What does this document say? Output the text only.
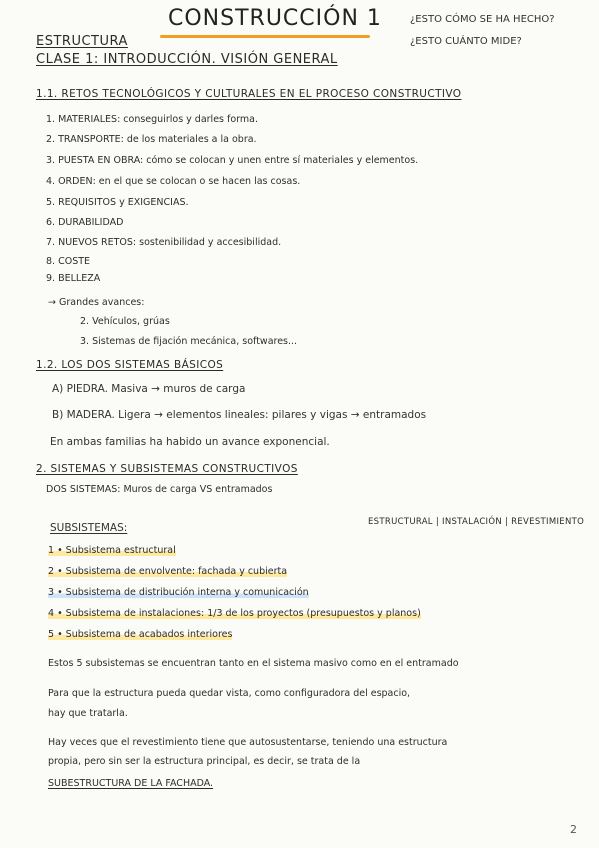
CONSTRUCCIÓN 1	¿ESTO CÓMO SE HA HECHO?
¿ESTO CUÁNTO MIDE?
ESTRUCTURA
CLASE 1: INTRODUCCIÓN. VISIÓN GENERAL
1.1. RETOS TECNOLÓGICOS Y CULTURALES EN EL PROCESO CONSTRUCTIVO
1. MATERIALES: conseguirlos y darles forma.
2. TRANSPORTE: de los materiales a la obra.
3. PUESTA EN OBRA: cómo se colocan y unen entre sí materiales y elementos.
4. ORDEN: en el que se colocan o se hacen las cosas.
5. REQUISITOS y EXIGENCIAS.
6. DURABILIDAD
7. NUEVOS RETOS: sostenibilidad y accesibilidad.
8. COSTE
9. BELLEZA
→ Grandes avances:
2. Vehículos, grúas
3. Sistemas de fijación mecánica, softwares...
1.2. LOS DOS SISTEMAS BÁSICOS
A) PIEDRA. Masiva → muros de carga
B) MADERA. Ligera → elementos lineales: pilares y vigas → entramados
En ambas familias ha habido un avance exponencial.
2. SISTEMAS Y SUBSISTEMAS CONSTRUCTIVOS
DOS SISTEMAS: Muros de carga VS entramados
SUBSISTEMAS:	ESTRUCTURAL | INSTALACIÓN | REVESTIMIENTO
1 • Subsistema estructural
2 • Subsistema de envolvente: fachada y cubierta
3 • Subsistema de distribución interna y comunicación
4 • Subsistema de instalaciones: 1/3 de los proyectos (presupuestos y planos)
5 • Subsistema de acabados interiores
Estos 5 subsistemas se encuentran tanto en el sistema masivo como en el entramado
Para que la estructura pueda quedar vista, como configuradora del espacio,
hay que tratarla.
Hay veces que el revestimiento tiene que autosustentarse, teniendo una estructura
propia, pero sin ser la estructura principal, es decir, se trata de la
SUBESTRUCTURA DE LA FACHADA.
2
